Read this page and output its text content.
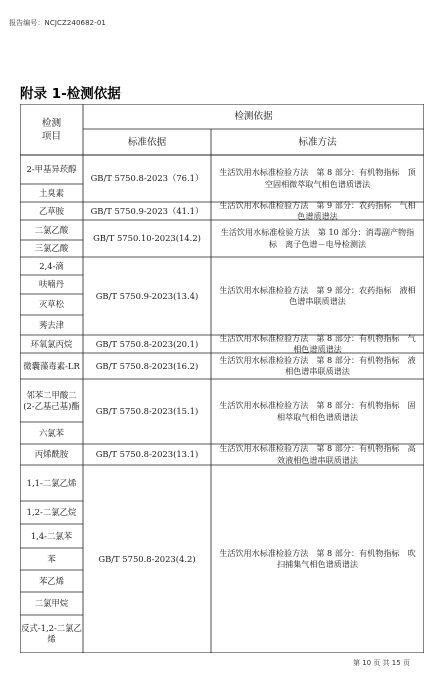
报告编号：NCJCZ240682-01
附录 1-检测依据
检测
项目
检测依据
标准依据	标准方法
2-甲基异莰醇
土臭素
乙草胺
二氯乙酸
三氯乙酸
2,4-滴
呋喃丹
灭草松
莠去津
环氧氯丙烷
微囊藻毒素-LR
邻苯二甲酸二(2-乙基己基)酯
六氯苯
丙烯酰胺
1,1-二氯乙烯
1,2-二氯乙烷
1,4-二氯苯
苯
苯乙烯
二氯甲烷
反式-1,2-二氯乙烯
GB/T 5750.8-2023（76.1）
生活饮用水标准检验方法　第 8 部分：有机物指标　顶空固相微萃取气相色谱质谱法
GB/T 5750.9-2023（41.1）
生活饮用水标准检验方法　第 9 部分：农药指标　气相色谱质谱法
GB/T 5750.10-2023(14.2)
生活饮用水标准检验方法　第 10 部分：消毒副产物指标　离子色谱－电导检测法
GB/T 5750.9-2023(13.4)
生活饮用水标准检验方法　第 9 部分：农药指标　液相色谱串联质谱法
GB/T 5750.8-2023(20.1)
生活饮用水标准检验方法　第 8 部分：有机物指标　气相色谱质谱法
GB/T 5750.8-2023(16.2)
生活饮用水标准检验方法　第 8 部分：有机物指标　液相色谱串联质谱法
GB/T 5750.8-2023(15.1)
生活饮用水标准检验方法　第 8 部分：有机物指标　固相萃取气相色谱质谱法
GB/T 5750.8-2023(13.1)
生活饮用水标准检验方法　第 8 部分：有机物指标　高效液相色谱串联质谱法
GB/T 5750.8-2023(4.2)
生活饮用水标准检验方法　第 8 部分：有机物指标　吹扫捕集气相色谱质谱法
第 10 页 共 15 页
